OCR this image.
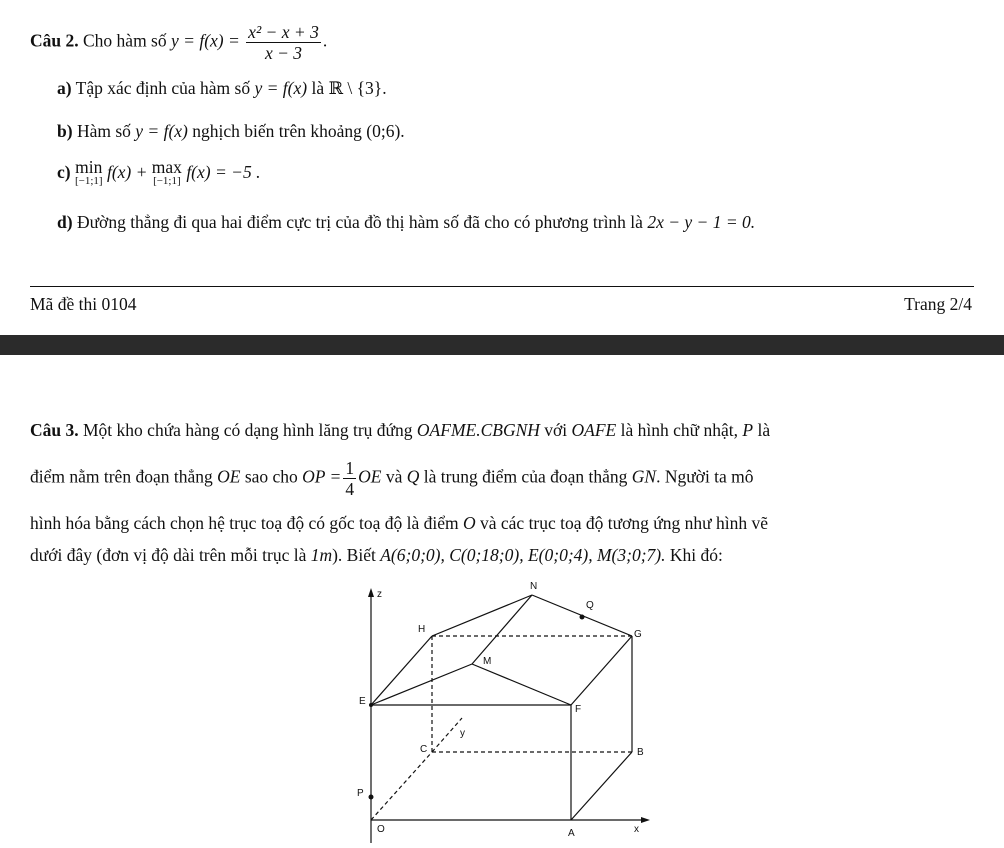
Câu 2. Cho hàm số $y = f(x) = \frac{\text{x² − x + 3}}{x - 3}$ .
a) Tập xác định của hàm số y = f(x) là ℝ \ {3}.
b) Hàm số y = f(x) nghịch biến trên khoảng (0;6).
c) min
[−1;1] f(x) + max
[−1;1] f(x) = −5 .
d) Đường thẳng đi qua hai điểm cực trị của đồ thị hàm số đã cho có phương trình là 2x − y − 1 = 0.
Mã đề thi 0104	Trang 2/4
Câu 3. Một kho chứa hàng có dạng hình lăng trụ đứng OAFME.CBGNH với OAFE là hình chữ nhật, P là
điểm nằm trên đoạn thẳng OE sao cho OP = $\frac{1}{4}$ OE và Q là trung điểm của đoạn thẳng GN. Người ta mô
hình hóa bằng cách chọn hệ trục toạ độ có gốc toạ độ là điểm O và các trục toạ độ tương ứng như hình vẽ
dưới đây (đơn vị độ dài trên mỗi trục là 1m). Biết A(6;0;0), C(0;18;0), E(0;0;4), M(3;0;7). Khi đó:
z
N
Q
H	G
M
E
F
y
C	B
P
O	A	x
